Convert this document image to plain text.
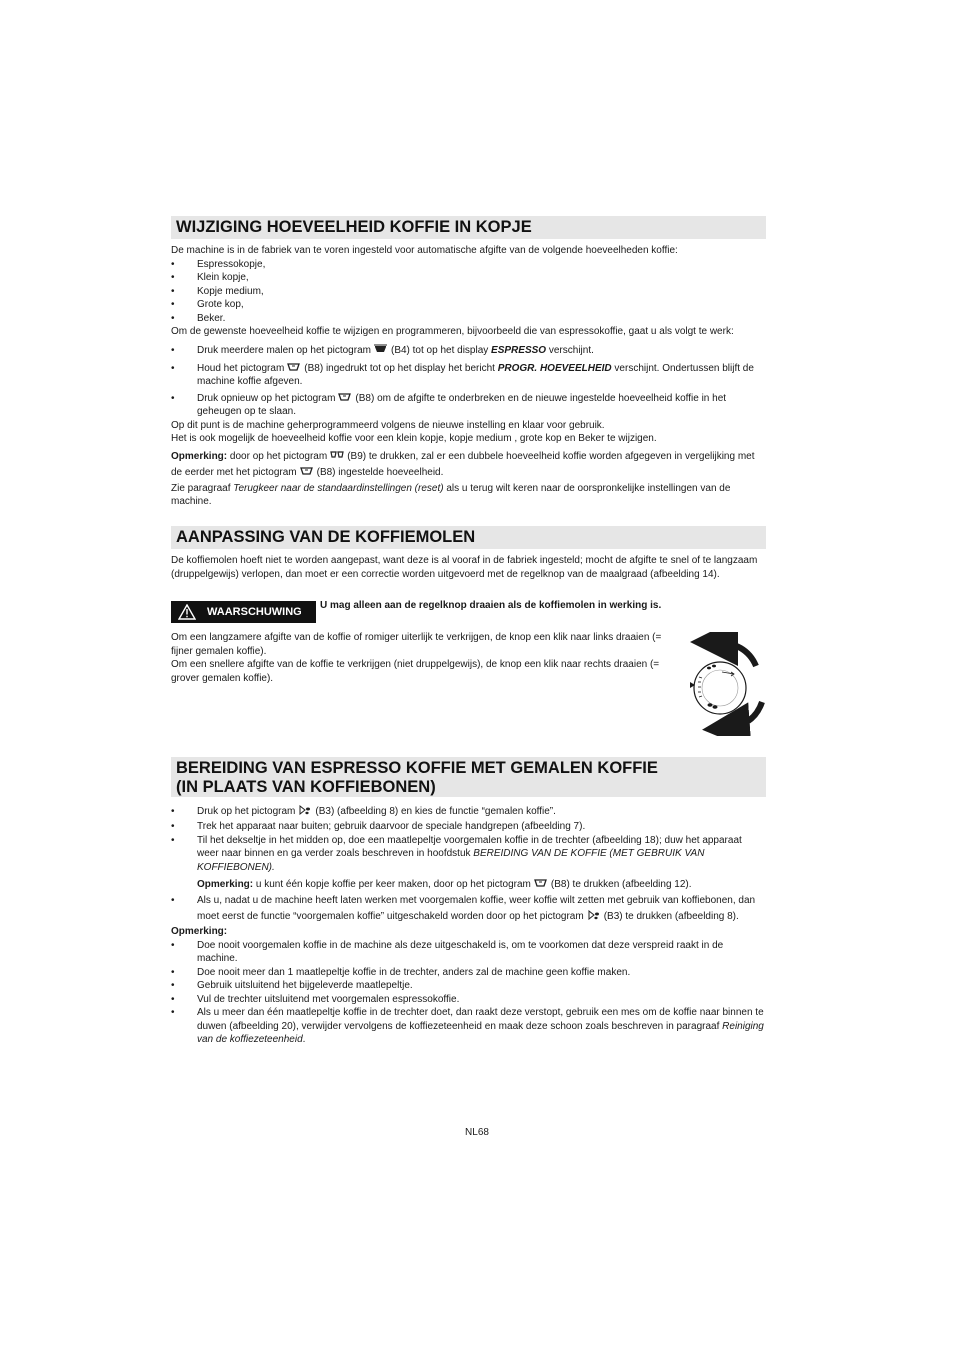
WIJZIGING HOEVEELHEID KOFFIE IN KOPJE

De machine is in de fabriek van te voren ingesteld voor automatische afgifte van de volgende hoeveelheden koffie:

• Espressokopje,

• Klein kopje,

• Kopje medium,

• Grote kop,

• Beker.

Om de gewenste hoeveelheid koffie te wijzigen en programmeren, bijvoorbeeld die van espressokoffie, gaat u als volgt te werk:

• Druk meerdere malen op het pictogram (B4) tot op het display ESPRESSO verschijnt.

• Houd het pictogram (B8) ingedrukt tot op het display het bericht PROGR. HOEVEELHEID verschijnt. Ondertussen blijft de machine koffie afgeven.

• Druk opnieuw op het pictogram (B8) om de afgifte te onderbreken en de nieuwe ingestelde hoeveelheid koffie in het geheugen op te slaan.

Op dit punt is de machine geherprogrammeerd volgens de nieuwe instelling en klaar voor gebruik.

Het is ook mogelijk de hoeveelheid koffie voor een klein kopje, kopje medium , grote kop en Beker te wijzigen.

Opmerking: door op het pictogram (B9) te drukken, zal er een dubbele hoeveelheid koffie worden afgegeven in vergelijking met de eerder met het pictogram (B8) ingestelde hoeveelheid.

Zie paragraaf Terugkeer naar de standaardinstellingen (reset) als u terug wilt keren naar de oorspronkelijke instellingen van de machine.

AANPASSING VAN DE KOFFIEMOLEN

De koffiemolen hoeft niet te worden aangepast, want deze is al vooraf in de fabriek ingesteld; mocht de afgifte te snel of te langzaam (druppelgewijs) verlopen, dan moet er een correctie worden uitgevoerd met de regelknop van de maalgraad (afbeelding 14).

WAARSCHUWING
U mag alleen aan de regelknop draaien als de koffiemolen in werking is.

Om een langzamere afgifte van de koffie of romiger uiterlijk te verkrijgen, de knop een klik naar links draaien (= fijner gemalen koffie).

Om een snellere afgifte van de koffie te verkrijgen (niet druppelgewijs), de knop een klik naar rechts draaien (= grover gemalen koffie).

BEREIDING VAN ESPRESSO KOFFIE MET GEMALEN KOFFIE
(IN PLAATS VAN KOFFIEBONEN)

• Druk op het pictogram (B3) (afbeelding 8) en kies de functie “gemalen koffie”.

• Trek het apparaat naar buiten; gebruik daarvoor de speciale handgrepen (afbeelding 7).

• Til het dekseltje in het midden op, doe een maatlepeltje voorgemalen koffie in de trechter (afbeelding 18); duw het apparaat weer naar binnen en ga verder zoals beschreven in hoofdstuk BEREIDING VAN DE KOFFIE (MET GEBRUIK VAN KOFFIEBONEN).

Opmerking: u kunt één kopje koffie per keer maken, door op het pictogram (B8) te drukken (afbeelding 12).

• Als u, nadat u de machine heeft laten werken met voorgemalen koffie, weer koffie wilt zetten met gebruik van koffiebonen, dan moet eerst de functie “voorgemalen koffie” uitgeschakeld worden door op het pictogram (B3) te drukken (afbeelding 8).

Opmerking:

• Doe nooit voorgemalen koffie in de machine als deze uitgeschakeld is, om te voorkomen dat deze verspreid raakt in de machine.

• Doe nooit meer dan 1 maatlepeltje koffie in de trechter, anders zal de machine geen koffie maken.

• Gebruik uitsluitend het bijgeleverde maatlepeltje.

• Vul de trechter uitsluitend met voorgemalen espressokoffie.

• Als u meer dan één maatlepeltje koffie in de trechter doet, dan raakt deze verstopt, gebruik een mes om de koffie naar binnen te duwen (afbeelding 20), verwijder vervolgens de koffiezeteenheid en maak deze schoon zoals beschreven in paragraaf Reiniging van de koffiezeteenheid.

NL68
